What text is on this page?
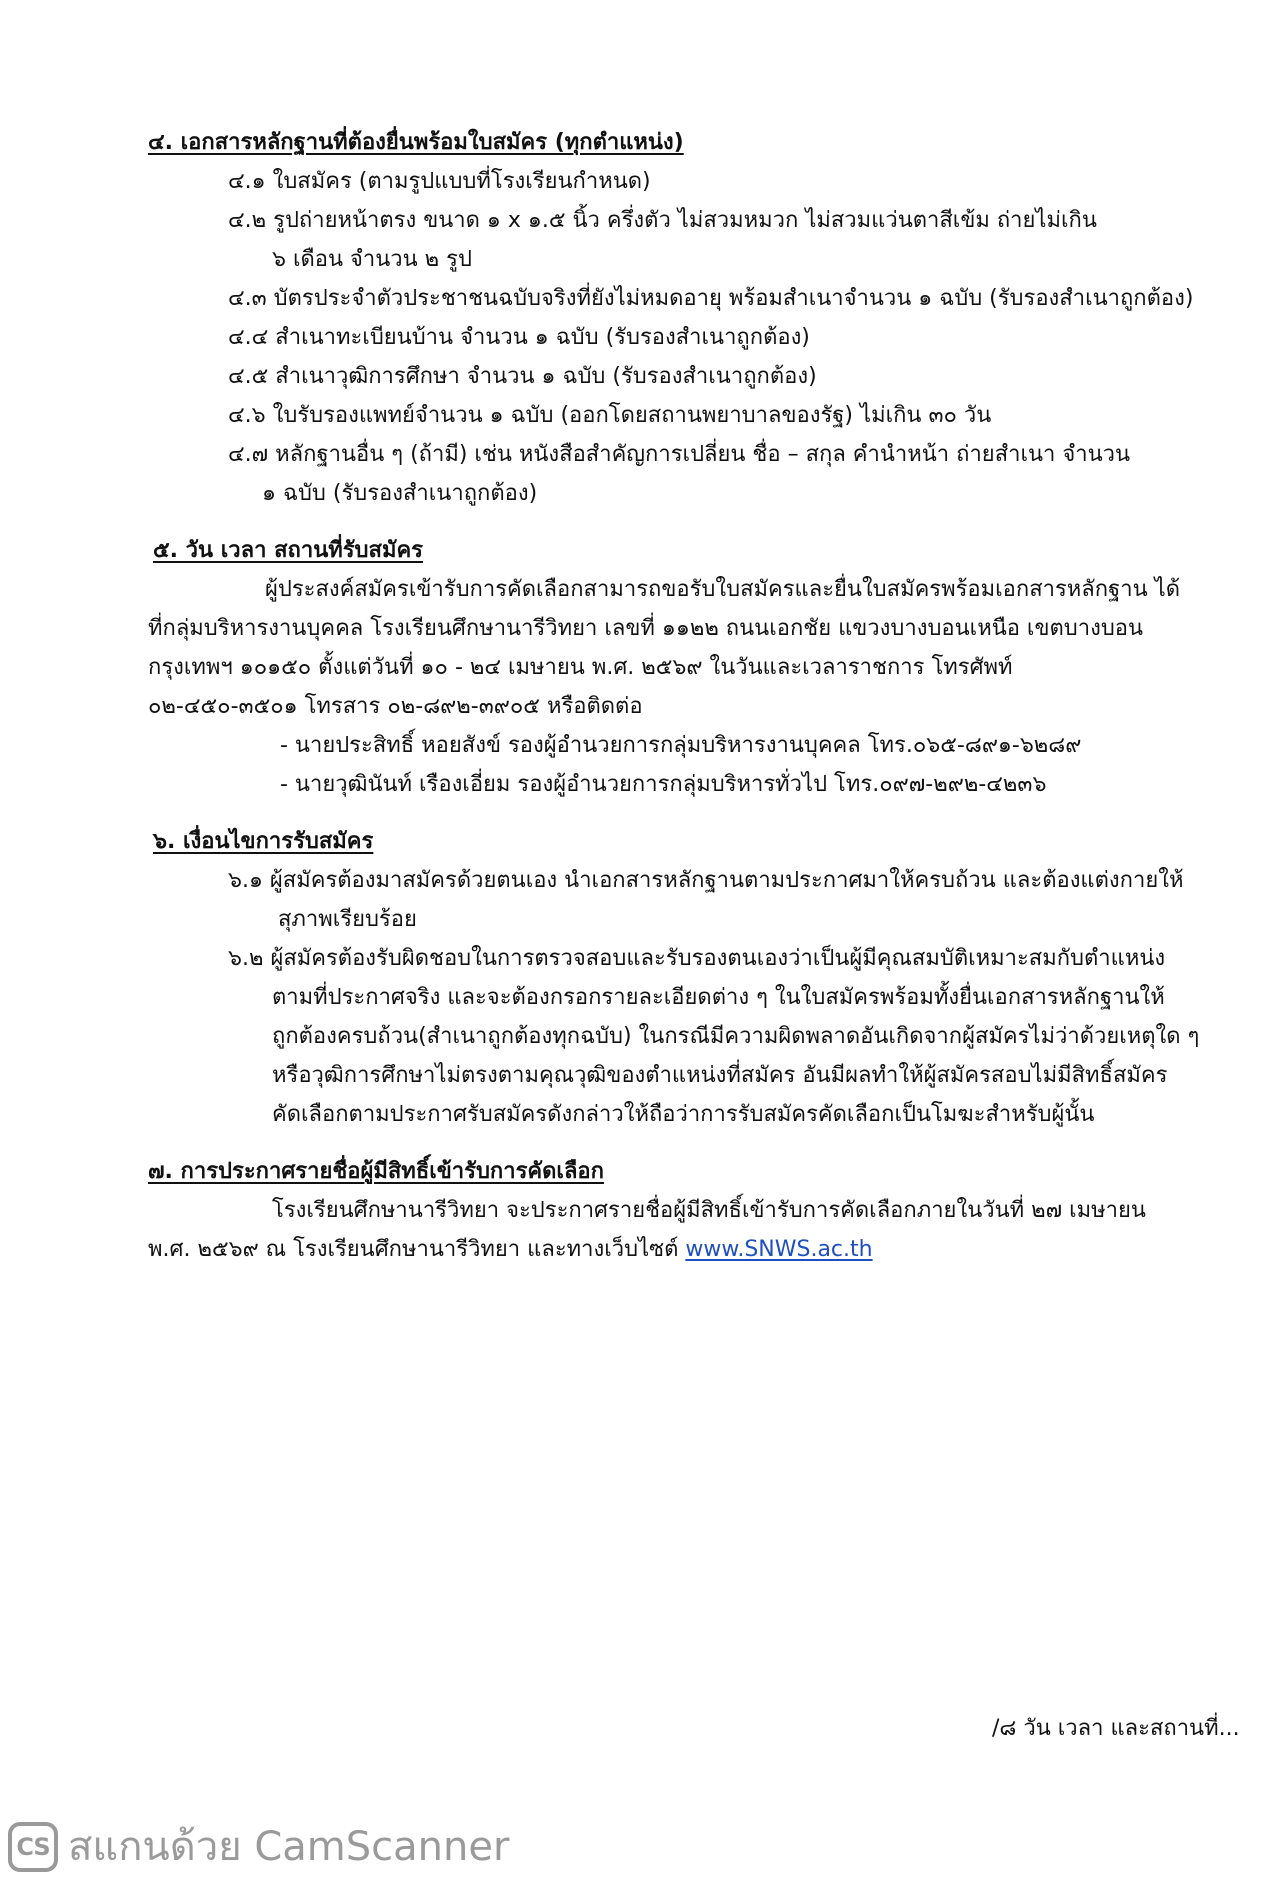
๔. เอกสารหลักฐานที่ต้องยื่นพร้อมใบสมัคร (ทุกตำแหน่ง)
๔.๑ ใบสมัคร (ตามรูปแบบที่โรงเรียนกำหนด)
๔.๒ รูปถ่ายหน้าตรง ขนาด ๑ x ๑.๕ นิ้ว ครึ่งตัว ไม่สวมหมวก ไม่สวมแว่นตาสีเข้ม ถ่ายไม่เกิน
๖ เดือน จำนวน ๒ รูป
๔.๓ บัตรประจำตัวประชาชนฉบับจริงที่ยังไม่หมดอายุ พร้อมสำเนาจำนวน ๑ ฉบับ (รับรองสำเนาถูกต้อง)
๔.๔ สำเนาทะเบียนบ้าน จำนวน ๑ ฉบับ (รับรองสำเนาถูกต้อง)
๔.๕ สำเนาวุฒิการศึกษา จำนวน ๑ ฉบับ (รับรองสำเนาถูกต้อง)
๔.๖ ใบรับรองแพทย์จำนวน ๑ ฉบับ (ออกโดยสถานพยาบาลของรัฐ) ไม่เกิน ๓๐ วัน
๔.๗ หลักฐานอื่น ๆ (ถ้ามี) เช่น หนังสือสำคัญการเปลี่ยน ชื่อ – สกุล คำนำหน้า ถ่ายสำเนา จำนวน
๑ ฉบับ (รับรองสำเนาถูกต้อง)
๕. วัน เวลา สถานที่รับสมัคร
ผู้ประสงค์สมัครเข้ารับการคัดเลือกสามารถขอรับใบสมัครและยื่นใบสมัครพร้อมเอกสารหลักฐาน ได้
ที่กลุ่มบริหารงานบุคคล โรงเรียนศึกษานารีวิทยา เลขที่ ๑๑๒๒ ถนนเอกชัย แขวงบางบอนเหนือ เขตบางบอน
กรุงเทพฯ ๑๐๑๕๐ ตั้งแต่วันที่ ๑๐ - ๒๔ เมษายน พ.ศ. ๒๕๖๙ ในวันและเวลาราชการ โทรศัพท์
๐๒-๔๕๐-๓๕๐๑ โทรสาร ๐๒-๘๙๒-๓๙๐๕ หรือติดต่อ
- นายประสิทธิ์ หอยสังข์ รองผู้อำนวยการกลุ่มบริหารงานบุคคล โทร.๐๖๕-๘๙๑-๖๒๘๙
- นายวุฒินันท์ เรืองเอี่ยม รองผู้อำนวยการกลุ่มบริหารทั่วไป โทร.๐๙๗-๒๙๒-๔๒๓๖
๖. เงื่อนไขการรับสมัคร
๖.๑ ผู้สมัครต้องมาสมัครด้วยตนเอง นำเอกสารหลักฐานตามประกาศมาให้ครบถ้วน และต้องแต่งกายให้
สุภาพเรียบร้อย
๖.๒ ผู้สมัครต้องรับผิดชอบในการตรวจสอบและรับรองตนเองว่าเป็นผู้มีคุณสมบัติเหมาะสมกับตำแหน่ง
ตามที่ประกาศจริง และจะต้องกรอกรายละเอียดต่าง ๆ ในใบสมัครพร้อมทั้งยื่นเอกสารหลักฐานให้
ถูกต้องครบถ้วน(สำเนาถูกต้องทุกฉบับ) ในกรณีมีความผิดพลาดอันเกิดจากผู้สมัครไม่ว่าด้วยเหตุใด ๆ
หรือวุฒิการศึกษาไม่ตรงตามคุณวุฒิของตำแหน่งที่สมัคร อันมีผลทำให้ผู้สมัครสอบไม่มีสิทธิ์สมัคร
คัดเลือกตามประกาศรับสมัครดังกล่าวให้ถือว่าการรับสมัครคัดเลือกเป็นโมฆะสำหรับผู้นั้น
๗. การประกาศรายชื่อผู้มีสิทธิ์เข้ารับการคัดเลือก
โรงเรียนศึกษานารีวิทยา จะประกาศรายชื่อผู้มีสิทธิ์เข้ารับการคัดเลือกภายในวันที่ ๒๗ เมษายน
พ.ศ. ๒๕๖๙ ณ โรงเรียนศึกษานารีวิทยา และทางเว็บไซต์ www.SNWS.ac.th
/๘ วัน เวลา และสถานที่...
CS สแกนด้วย CamScanner
